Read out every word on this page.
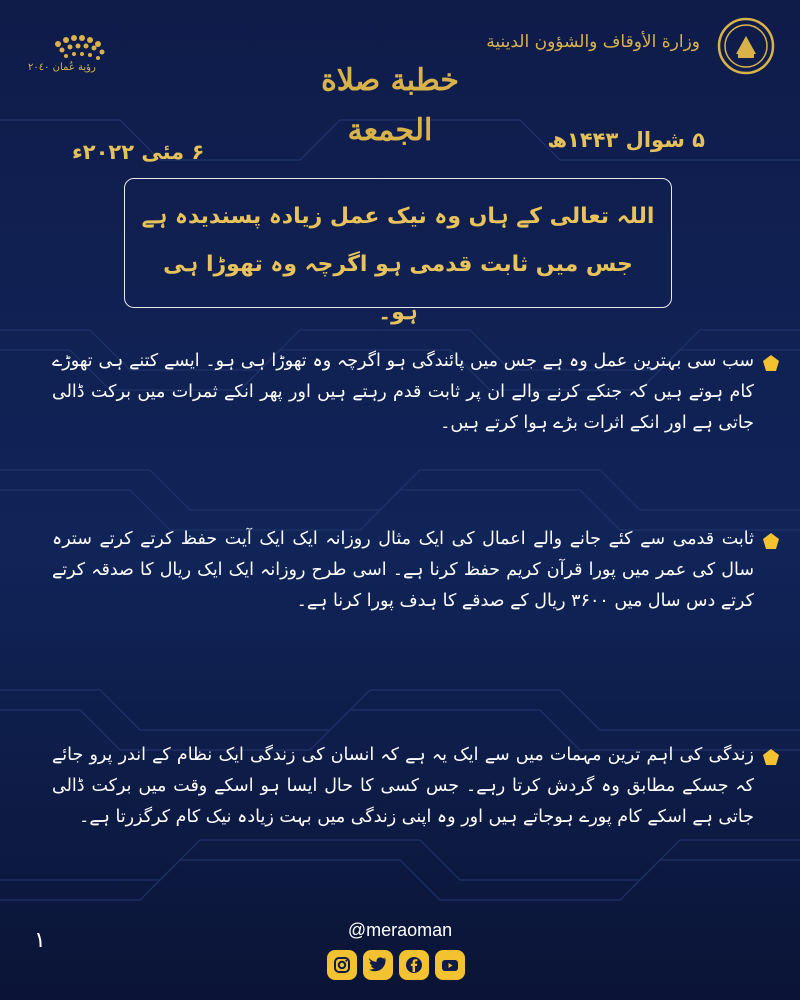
رؤية عُمان ٢٠٤٠
وزارة الأوقاف والشؤون الدينية
خطبة صلاة
الجمعة	۵ شوال ۱۴۴۳ھ
۶ مئی ۲۰۲۲ء
اللہ تعالی کے ہاں وہ نیک عمل زیادہ پسندیدہ ہے
جس میں ثابت قدمی ہو اگرچہ وہ تھوڑا ہی ہو۔
سب سی بہترین عمل وہ ہے جس میں پائندگی ہو اگرچہ وہ تھوڑا ہی ہو۔ ایسے کتنے ہی تھوڑے کام ہوتے ہیں کہ جنکے کرنے والے ان پر ثابت قدم رہتے ہیں اور پھر انکے ثمرات میں برکت ڈالی جاتی ہے اور انکے اثرات بڑے ہوا کرتے ہیں۔
ثابت قدمی سے کئے جانے والے اعمال کی ایک مثال روزانہ ایک ایک آیت حفظ کرتے کرتے سترہ سال کی عمر میں پورا قرآن کریم حفظ کرنا ہے۔ اسی طرح روزانہ ایک ایک ریال کا صدقہ کرتے کرتے دس سال میں ۳۶۰۰ ریال کے صدقے کا ہدف پورا کرنا ہے۔
زندگی کی اہم ترین مہمات میں سے ایک یہ ہے کہ انسان کی زندگی ایک نظام کے اندر پرو جائے کہ جسکے مطابق وہ گردش کرتا رہے۔ جس کسی کا حال ایسا ہو اسکے وقت میں برکت ڈالی جاتی ہے اسکے کام پورے ہوجاتے ہیں اور وہ اپنی زندگی میں بہت زیادہ نیک کام کرگزرتا ہے۔
۱	@meraoman
